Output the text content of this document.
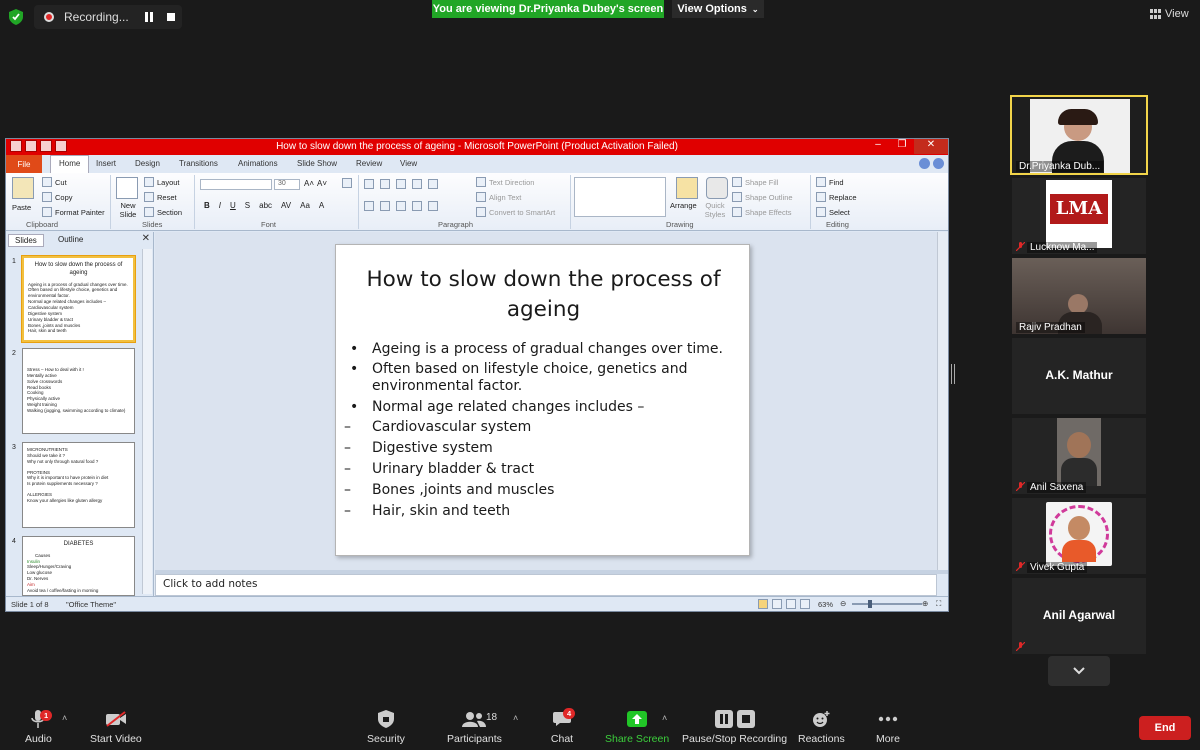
Recording...
You are viewing Dr.Priyanka Dubey's screen View Options ⌄	View
How to slow down the process of ageing - Microsoft PowerPoint (Product Activation Failed)	–	❐	✕
File	Home	Insert Design Transitions	Animations Slide Show Review View
Paste
Cut
Copy
Format Painter
Clipboard
New Slide
Layout
Reset
Section
Slides
30	A˄ A˅
B I U S abc AV Aa A
Font
Text Direction
Align Text
Convert to SmartArt
Paragraph
Arrange	Quick Styles
Shape Fill
Shape Outline
Shape Effects
Drawing
Find
Replace
Select
Editing
Slides	Outline	✕
1	How to slow down the process of ageing
Ageing is a process of gradual changes over time.
Often based on lifestyle choice, genetics and environmental factor.
Normal age related changes includes –
Cardiovascular system
Digestive system
Urinary bladder & tract
Bones ,joints and muscles
Hair, skin and teeth
2
Stress – How to deal with it !
Mentally active
Solve crosswords
Read books
Cooking
Physically active
Weight training
Walking (jogging, swimming according to climate)
3 MICRONUTRIENTS
Should we take it ?
Why not only through natural food ?
PROTEINS
Why it is important to have protein in diet
Is protein supplements necessary ?
ALLERGIES
Know your allergies like gluten allergy
4	DIABETES
Causes
Insulin
Sleep/Hunger/Craving
Low glucose
Dr. Nerves
Aim
Avoid tea / coffee/fasting in morning
How to slow down the process of ageing
• Ageing is a process of gradual changes over time.
• Often based on lifestyle choice, genetics and environmental factor.
• Normal age related changes includes –
– Cardiovascular system
– Digestive system
– Urinary bladder & tract
– Bones ,joints and muscles
– Hair, skin and teeth
Click to add notes
Slide 1 of 8 "Office Theme"	63% ⊖	⊕ ⛶
Dr.Priyanka Dub...
LMA
Lucknow Ma...
Rajiv Pradhan
A.K. Mathur
Anil Saxena
Vivek Gupta
Anil Agarwal
Audio
1	˄
Start Video	Security	Participants
18 ˄
Chat
4
Share Screen
˄
Pause/Stop Recording Reactions	More
End
